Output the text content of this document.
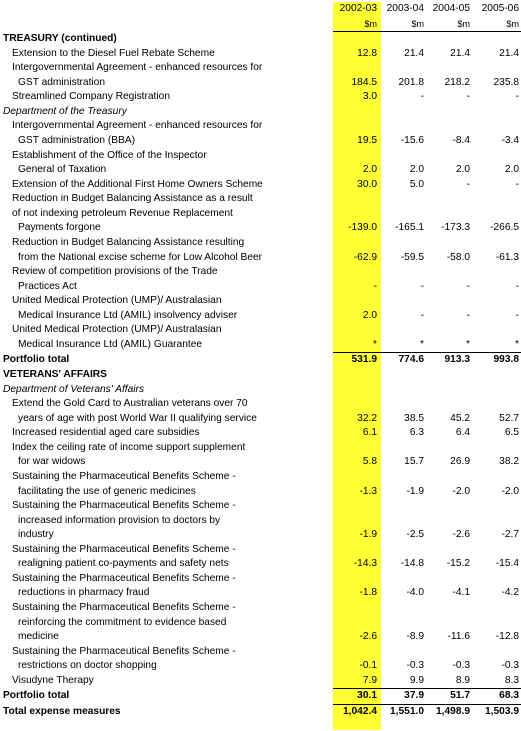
	2002-03	2003-04	2004-05	2005-06
	$m	$m	$m	$m
TREASURY (continued)				
Extension to the Diesel Fuel Rebate Scheme	12.8	21.4	21.4	21.4
Intergovernmental Agreement - enhanced resources for				
GST administration	184.5	201.8	218.2	235.8
Streamlined Company Registration	3.0	-	-	-
Department of the Treasury				
Intergovernmental Agreement - enhanced resources for				
GST administration (BBA)	19.5	-15.6	-8.4	-3.4
Establishment of the Office of the Inspector				
General of Taxation	2.0	2.0	2.0	2.0
Extension of the Additional First Home Owners Scheme	30.0	5.0	-	-
Reduction in Budget Balancing Assistance as a result				
of not indexing petroleum Revenue Replacement				
Payments forgone	-139.0	-165.1	-173.3	-266.5
Reduction in Budget Balancing Assistance resulting				
from the National excise scheme for Low Alcohol Beer	-62.9	-59.5	-58.0	-61.3
Review of competition provisions of the Trade				
Practices Act	-	-	-	-
United Medical Protection (UMP)/ Australasian				
Medical Insurance Ltd (AMIL) insolvency adviser	2.0	-	-	-
United Medical Protection (UMP)/ Australasian				
Medical Insurance Ltd (AMIL) Guarantee	*	*	*	*
Portfolio total	531.9	774.6	913.3	993.8
VETERANS' AFFAIRS				
Department of Veterans' Affairs				
Extend the Gold Card to Australian veterans over 70				
years of age with post World War II qualifying service	32.2	38.5	45.2	52.7
Increased residential aged care subsidies	6.1	6.3	6.4	6.5
Index the ceiling rate of income support supplement				
for war widows	5.8	15.7	26.9	38.2
Sustaining the Pharmaceutical Benefits Scheme -				
facilitating the use of generic medicines	-1.3	-1.9	-2.0	-2.0
Sustaining the Pharmaceutical Benefits Scheme -				
increased information provision to doctors by				
industry	-1.9	-2.5	-2.6	-2.7
Sustaining the Pharmaceutical Benefits Scheme -				
realigning patient co-payments and safety nets	-14.3	-14.8	-15.2	-15.4
Sustaining the Pharmaceutical Benefits Scheme -				
reductions in pharmacy fraud	-1.8	-4.0	-4.1	-4.2
Sustaining the Pharmaceutical Benefits Scheme -				
reinforcing the commitment to evidence based				
medicine	-2.6	-8.9	-11.6	-12.8
Sustaining the Pharmaceutical Benefits Scheme -				
restrictions on doctor shopping	-0.1	-0.3	-0.3	-0.3
Visudyne Therapy	7.9	9.9	8.9	8.3
Portfolio total	30.1	37.9	51.7	68.3
Total expense measures	1,042.4	1,551.0	1,498.9	1,503.9
